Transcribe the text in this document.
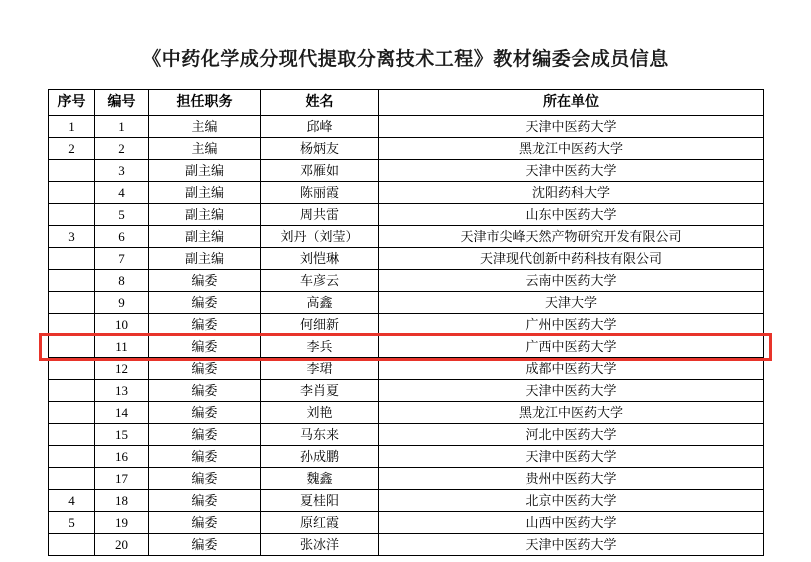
《中药化学成分现代提取分离技术工程》教材编委会成员信息
序号	编号	担任职务	姓名	所在单位
1	1	主编	邱峰	天津中医药大学
2	2	主编	杨炳友	黑龙江中医药大学
	3	副主编	邓雁如	天津中医药大学
	4	副主编	陈丽霞	沈阳药科大学
	5	副主编	周共雷	山东中医药大学
3	6	副主编	刘丹（刘莹）	天津市尖峰天然产物研究开发有限公司
	7	副主编	刘恺琳	天津现代创新中药科技有限公司
	8	编委	车彦云	云南中医药大学
	9	编委	高鑫	天津大学
	10	编委	何细新	广州中医药大学
	11	编委	李兵	广西中医药大学
	12	编委	李珺	成都中医药大学
	13	编委	李肖夏	天津中医药大学
	14	编委	刘艳	黑龙江中医药大学
	15	编委	马东来	河北中医药大学
	16	编委	孙成鹏	天津中医药大学
	17	编委	魏鑫	贵州中医药大学
4	18	编委	夏桂阳	北京中医药大学
5	19	编委	原红霞	山西中医药大学
	20	编委	张冰洋	天津中医药大学
